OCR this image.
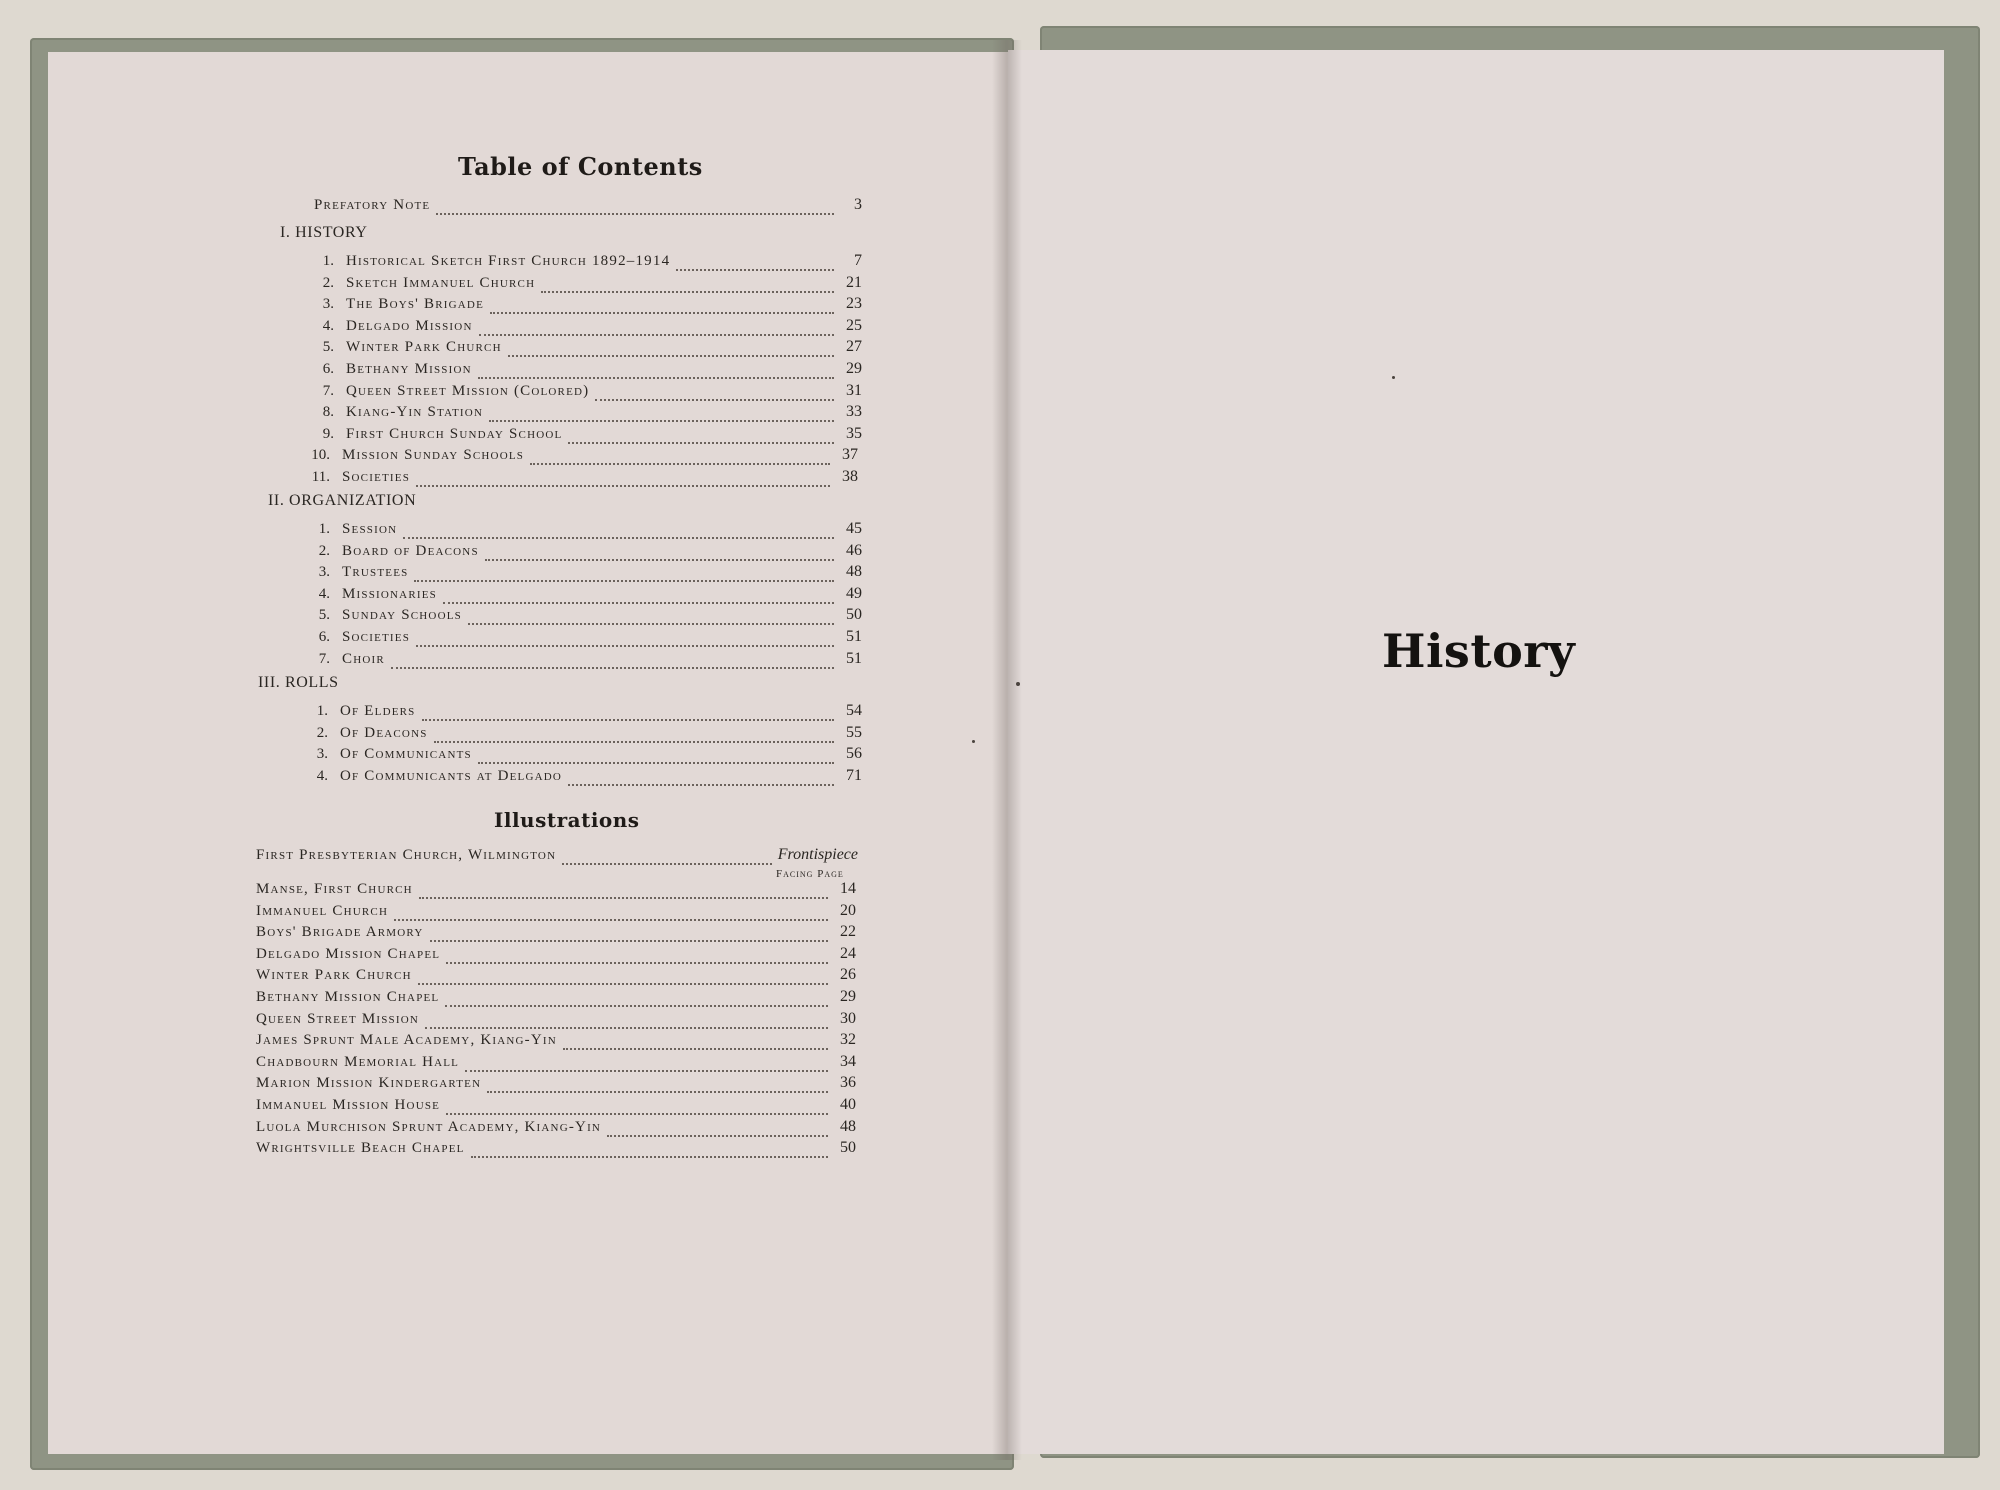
Table of Contents
Prefatory Note	3
I. HISTORY
1. Historical Sketch First Church 1892–1914	7
2. Sketch Immanuel Church	21
3. The Boys' Brigade	23
4. Delgado Mission	25
5. Winter Park Church	27
6. Bethany Mission	29
7. Queen Street Mission (Colored)	31
8. Kiang-Yin Station	33
9. First Church Sunday School	35
10. Mission Sunday Schools	37
11. Societies	38
II. ORGANIZATION
1. Session	45
2. Board of Deacons	46
3. Trustees	48
4. Missionaries	49
5. Sunday Schools	50
6. Societies	51
7. Choir	51
III. ROLLS
1. Of Elders	54
2. Of Deacons	55
3. Of Communicants	56
4. Of Communicants at Delgado	71
Illustrations
Facing Page
First Presbyterian Church, Wilmington	Frontispiece
Manse, First Church	14
Immanuel Church	20
Boys' Brigade Armory	22
Delgado Mission Chapel	24
Winter Park Church	26
Bethany Mission Chapel	29
Queen Street Mission	30
James Sprunt Male Academy, Kiang-Yin	32
Chadbourn Memorial Hall	34
Marion Mission Kindergarten	36
Immanuel Mission House	40
Luola Murchison Sprunt Academy, Kiang-Yin	48
Wrightsville Beach Chapel	50
History
